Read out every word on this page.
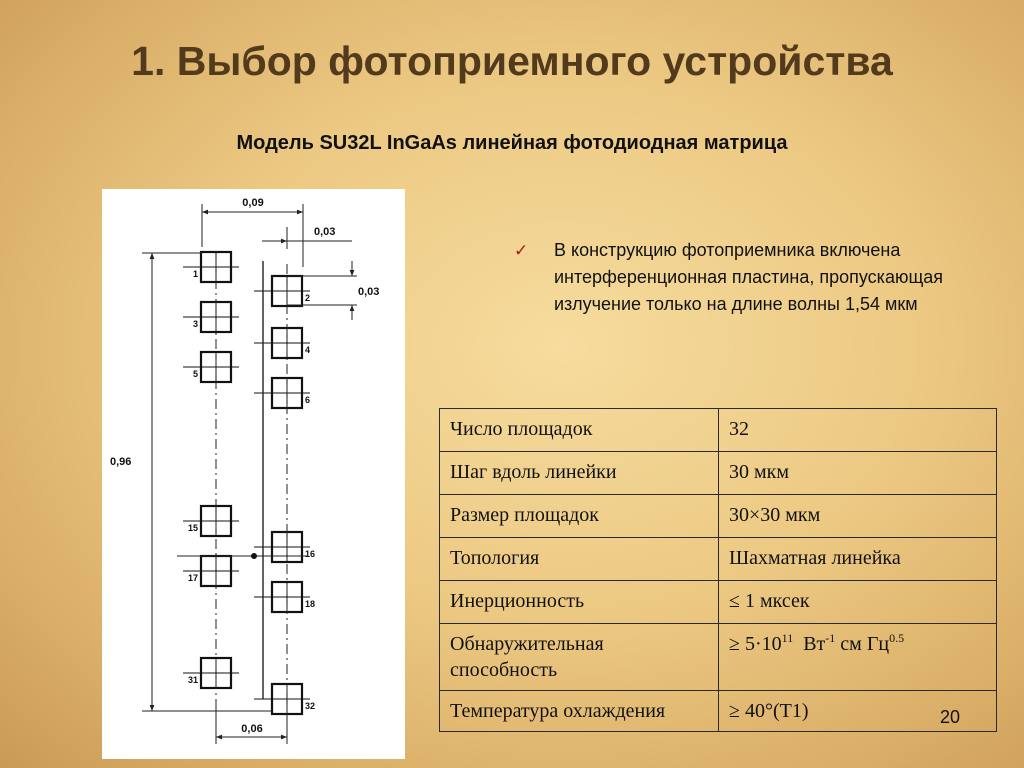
1. Выбор фотоприемного устройства
Модель SU32L InGaAs линейная фотодиодная матрица
0,09
0,03
0,03
0,96
0,06
1
3
5
15
17
31
2
4
6
16
18
32
✓ В конструкцию фотоприемника включена интерференционная пластина, пропускающая излучение только на длине волны 1,54 мкм
Число площадок	32
Шаг вдоль линейки	30 мкм
Размер площадок	30×30 мкм
Топология	Шахматная линейка
Инерционность	≤ 1 мксек
Обнаружительная способность	≥ $5\cdot 10^{11}$  $Вт^{-1}$ см $Гц^{0.5}$
Температура охлаждения	≥ 40°(T1)	20
